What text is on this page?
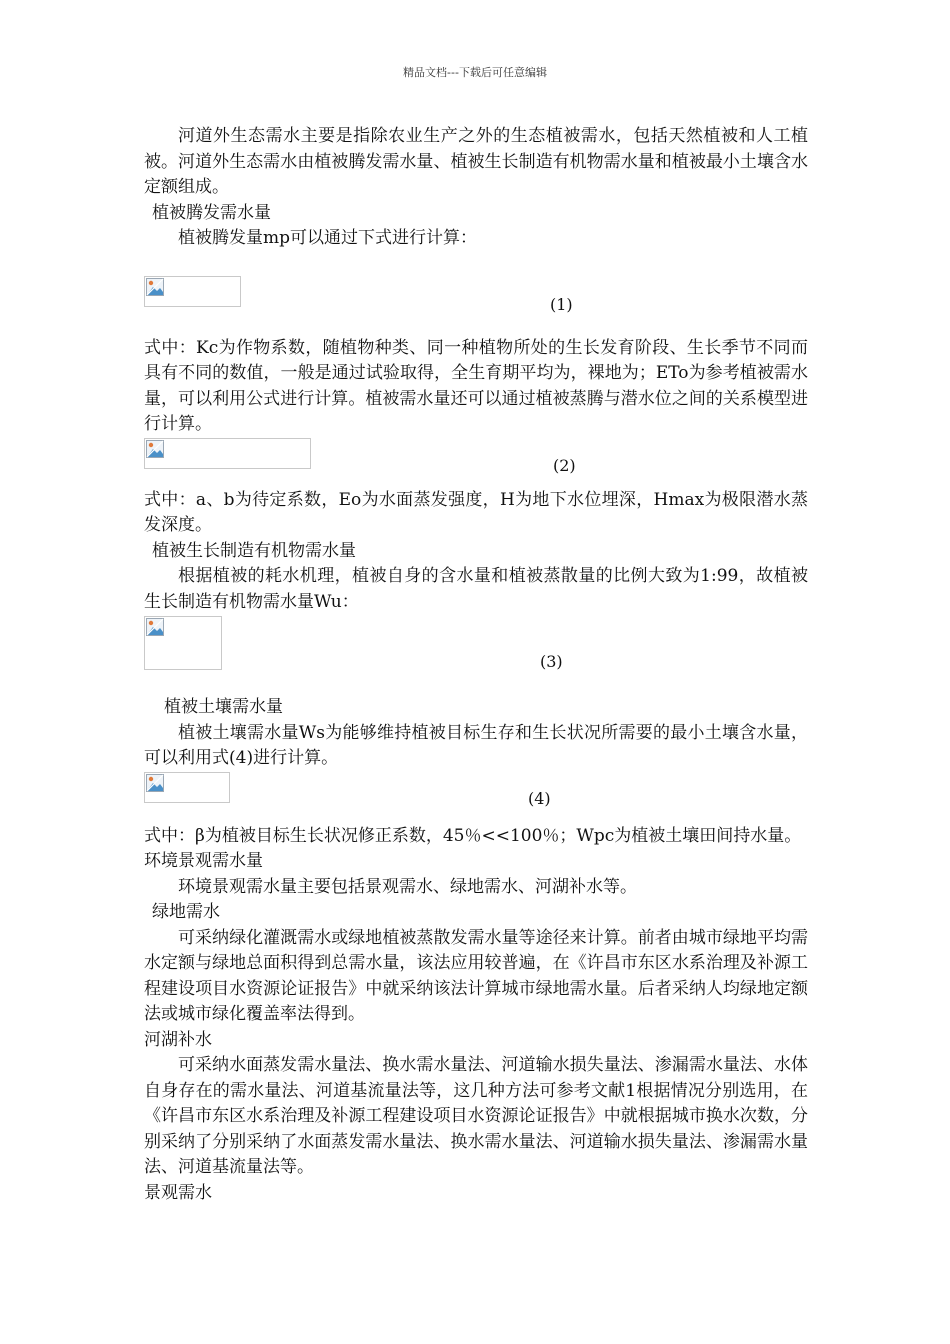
精品文档---下载后可任意编辑

河道外生态需水主要是指除农业生产之外的生态植被需水，包括天然植被和人工植被。河道外生态需水由植被腾发需水量、植被生长制造有机物需水量和植被最小土壤含水定额组成。

植被腾发需水量

植被腾发量mp可以通过下式进行计算：

(1)

式中：Kc为作物系数，随植物种类、同一种植物所处的生长发育阶段、生长季节不同而具有不同的数值，一般是通过试验取得，全生育期平均为，裸地为；ETo为参考植被需水量，可以利用公式进行计算。植被需水量还可以通过植被蒸腾与潜水位之间的关系模型进行计算。

(2)

式中：a、b为待定系数，Eo为水面蒸发强度，H为地下水位埋深，Hmax为极限潜水蒸发深度。

植被生长制造有机物需水量

根据植被的耗水机理，植被自身的含水量和植被蒸散量的比例大致为1:99，故植被生长制造有机物需水量Wu：

(3)

植被土壤需水量

植被土壤需水量Ws为能够维持植被目标生存和生长状况所需要的最小土壤含水量，可以利用式(4)进行计算。

(4)

式中：β为植被目标生长状况修正系数，45％<<100％；Wpc为植被土壤田间持水量。

环境景观需水量

环境景观需水量主要包括景观需水、绿地需水、河湖补水等。

绿地需水

可采纳绿化灌溉需水或绿地植被蒸散发需水量等途径来计算。前者由城市绿地平均需水定额与绿地总面积得到总需水量，该法应用较普遍，在《许昌市东区水系治理及补源工程建设项目水资源论证报告》中就采纳该法计算城市绿地需水量。后者采纳人均绿地定额法或城市绿化覆盖率法得到。

河湖补水

可采纳水面蒸发需水量法、换水需水量法、河道输水损失量法、渗漏需水量法、水体自身存在的需水量法、河道基流量法等，这几种方法可参考文献1根据情况分别选用，在《许昌市东区水系治理及补源工程建设项目水资源论证报告》中就根据城市换水次数，分别采纳了分别采纳了水面蒸发需水量法、换水需水量法、河道输水损失量法、渗漏需水量法、河道基流量法等。

景观需水
